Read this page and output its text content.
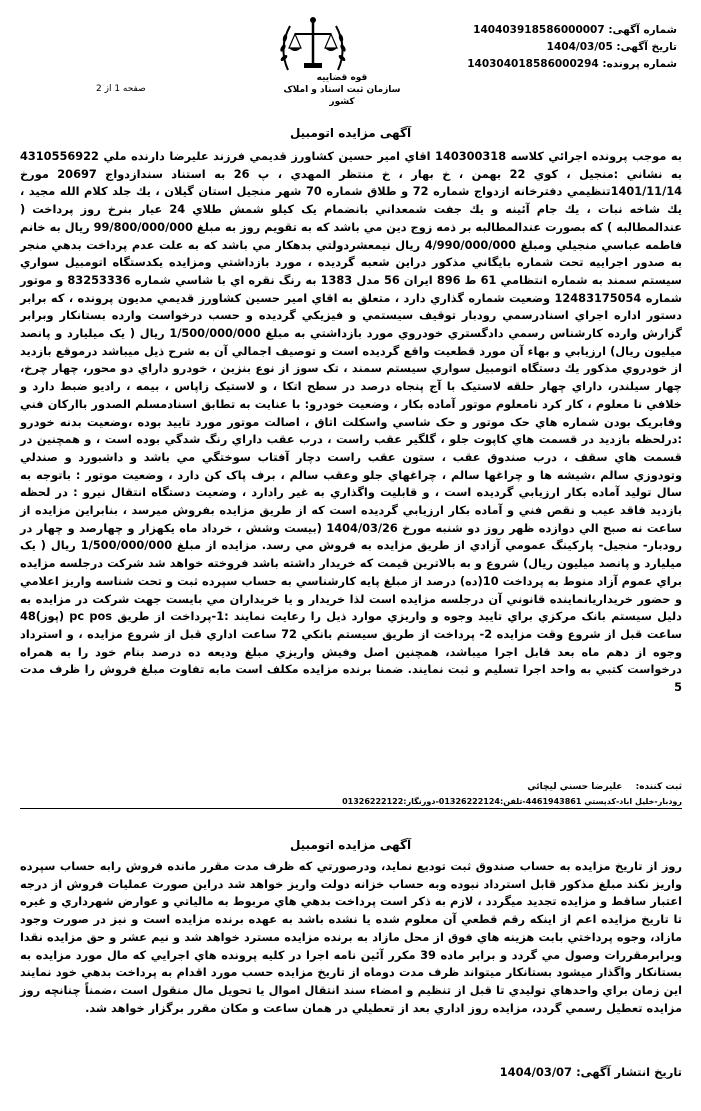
شماره آگهی: 140403918586000007
تاریخ آگهی: 1404/03/05
شماره پرونده: 140304018586000294
قوه قضاییه
سازمان ثبت اسناد و املاک کشور
صفحه 1 از 2
آگهی مزایده اتومبیل

به موجب پرونده اجرائي كلاسه 140300318 اقاي امير حسين كشاورز قديمي فرزند عليرضا دارنده ملي 4310556922 به نشاني :منجيل ، كوي 22 بهمن ، خ بهار ، خ منتظر المهدي ، پ 26 به استناد سندازدواج 20697 مورخ 1401/11/14تنظيمي دفترخانه ازدواج شماره 72 و طلاق شماره 70 شهر منجيل استان گيلان ، يك جلد كلام الله مجيد ، يك شاخه نبات ، يك جام آئينه و يك جفت شمعداني بانضمام يک کيلو شمش طلاي 24 عيار بنرخ روز پرداخت ( عندالمطالبه ) كه بصورت عندالمطالبه بر ذمه زوج دين مي باشد كه به تقويم روز به مبلغ 99/800/000/000 ريال به خانم فاطمه عباسي منجيلي ومبلغ 4/990/000/000 ريال نيمعشردولتي بدهكار مي باشد كه به علت عدم پرداخت بدهي منجر به صدور اجراييه تحت شماره بايگاني مذكور دراين شعبه گرديده ، مورد بازداشتي ومزايده يكدستگاه اتومبيل سواري سيستم سمند به شماره انتظامي 61 ط 896 ايران 56 مدل 1383 به رنگ نقره اي با شاسي شماره 83253336 و موتور شماره 12483175054 وضعيت شماره گذاري دارد ، متعلق به اقاي امير حسين كشاورز قديمي مديون پرونده ، كه برابر دستور اداره اجراي اسنادرسمي رودبار توقيف سيستمي و فيزيكي گرديده و حسب درخواست وارده بستانكار وبرابر گزارش وارده كارشناس رسمي دادگستري خودروي مورد بازداشتي به مبلغ 1/500/000/000 ريال ( يک ميليارد و پانصد ميليون ريال) ارزيابي و بهاء آن مورد قطعيت واقع گرديده است و توصيف اجمالي آن به شرح ذيل ميباشد درموقع بازديد از خودروي مذكور يك دستگاه اتومبيل سواري سيستم سمند ، تک سوز از نوع بنزين ، خودرو داراي دو محور، چهار چرخ، چهار سيلندر، داراي چهار حلقه لاستيک با آج پنجاه درصد در سطح اتکا ، و لاستيک زاپاس ، بيمه ، راديو ضبط دارد و خلافي نا معلوم ، کار کرد نامعلوم موتور آماده بکار ، وضعيت خودرو: با عنايت به تطابق اسنادمسلم الصدور باارکان فني وفابريک بودن شماره هاي حک موتور و حک شاسي واسکلت اتاق ، اصالت موتور مورد تاييد بوده ،وضعيت بدنه خودرو :درلحظه بازديد در قسمت هاي کاپوت جلو ، گلگير عقب راست ، درب عقب داراي رنگ شدگي بوده است ، و همچنين در قسمت هاي سقف ، درب صندوق عقب ، ستون عقب راست دچار آفتاب سوختگي مي باشد و داشبورد و صندلي وتودوزي سالم ،شيشه ها و چراغها سالم ، چراغهاي جلو وعقب سالم ، برف پاک کن دارد ، وضعيت موتور : باتوجه به سال توليد آماده بكار ارزيابي گرديده است ، و قابليت واگذاري به غير رادارد ، وضعيت دستگاه انتقال نيرو : در لحظه بازديد فاقد عيب و نقص فني و آماده بكار ارزيابي گرديده است كه از طريق مزايده بفروش ميرسد ، بنابراين مزايده از ساعت نه صبح الي دوازده ظهر روز دو شنبه مورخ 1404/03/26 (بيست وشش ، خرداد ماه يكهزار و چهارصد و چهار در رودبار- منجيل- پاركينگ عمومي آزادي از طريق مزايده به فروش مي رسد. مزايده از مبلغ 1/500/000/000 ريال ( يک ميليارد و پانصد ميليون ريال) شروع و به بالاترين قيمت كه خريدار داشته باشد فروخته خواهد شد شركت درجلسه مزايده براي عموم آزاد منوط به پرداخت 10(ده) درصد از مبلغ پايه كارشناسي به حساب سپرده ثبت و تحت شناسه واريز اعلامي و حضور خريداريانماينده قانوني آن درجلسه مزايده است لذا خريدار و يا خريداران مي بايست جهت شركت در مزايده به دليل سيستم بانک مرکزي براي تاييد وجوه و واريزي موارد ذيل را رعايت نمايند :1-پرداخت از طريق pc pos (پوز)48 ساعت قبل از شروع وقت مزايده 2- پرداخت از طريق سيستم بانكي 72 ساعت اداري قبل از شروع مزايده ، و استرداد وجوه از دهم ماه بعد قابل اجرا ميباشد، همچنين اصل وفيش واريزي مبلغ وديعه ده درصد بنام خود را به همراه درخواست كتبي به واحد اجرا تسليم و ثبت نمايند. ضمنا برنده مزايده مكلف است مابه تفاوت مبلغ فروش را ظرف مدت 5

ثبت کننده: عليرضا حسني ليچائي
رودبار-خليل اباد-كدپستي 4461943861-تلفن:01326222124-دورنگار:01326222122
آگهی مزایده اتومبیل

روز از تاريخ مزايده به حساب صندوق ثبت توديع نمايد، ودرصورتي كه ظرف مدت مقرر مانده فروش رابه حساب سپرده واريز نكند مبلغ مذكور قابل استرداد نبوده وبه حساب خزانه دولت واريز خواهد شد دراين صورت عمليات فروش از درجه اعتبار ساقط و مزايده تجديد ميگردد ، لازم به ذكر است پرداخت بدهي هاي مربوط به مالياتي و عوارض شهرداري و غيره تا تاريخ مزايده اعم از اينكه رقم قطعي آن معلوم شده يا نشده باشد به عهده برنده مزايده است و نيز در صورت وجود مازاد، وجوه پرداختي بابت هزينه هاي فوق از محل مازاد به برنده مزايده مسترد خواهد شد و نيم عشر و حق مزايده نقدا وبرابرمقررات وصول مي گردد و برابر ماده 39 مكرر آئين نامه اجرا در كليه پرونده هاي اجرايي كه مال مورد مزايده به بستانكار واگذار ميشود بستانكار ميتواند ظرف مدت دوماه از تاريخ مزايده حسب مورد اقدام به پرداخت بدهي خود نمايند اين زمان براي واحدهاي توليدي تا قبل از تنظيم و امضاء سند انتقال اموال يا تحويل مال منقول است ،ضمناً چنانچه روز مزايده تعطيل رسمي گردد، مزايده روز اداري بعد از تعطيلي در همان ساعت و مكان مقرر برگزار خواهد شد.

تاریخ انتشار آگهی: 1404/03/07
